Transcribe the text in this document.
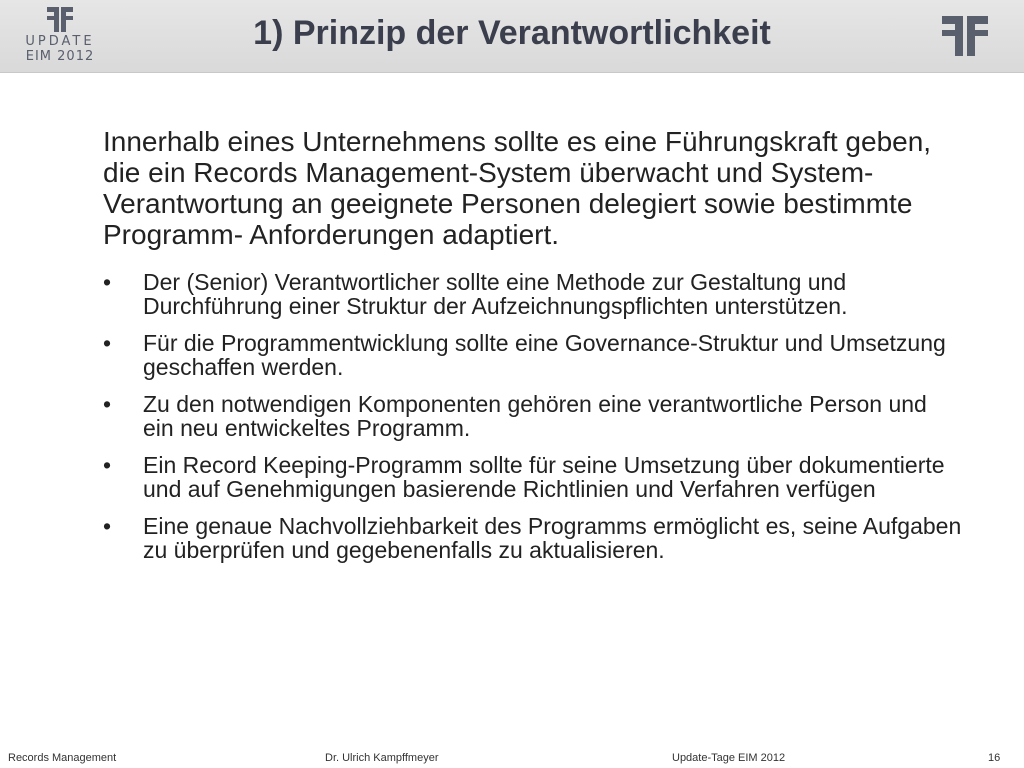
UPDATE
EIM 2012
1) Prinzip der Verantwortlichkeit

Innerhalb eines Unternehmens sollte es eine Führungskraft geben, die ein Records Management-System überwacht und System-Verantwortung an geeignete Personen delegiert sowie bestimmte Programm- Anforderungen adaptiert.

•	Der (Senior) Verantwortlicher sollte eine Methode zur Gestaltung und Durchführung einer Struktur der Aufzeichnungspflichten unterstützen.
•	Für die Programmentwicklung sollte eine Governance-Struktur und Umsetzung geschaffen werden.
•	Zu den notwendigen Komponenten gehören eine verantwortliche Person und ein neu entwickeltes Programm.
•	Ein Record Keeping-Programm sollte für seine Umsetzung über dokumentierte und auf Genehmigungen basierende Richtlinien und Verfahren verfügen
•	Eine genaue Nachvollziehbarkeit des Programms ermöglicht es, seine Aufgaben zu überprüfen und gegebenenfalls zu aktualisieren.
Records Management	Dr. Ulrich Kampffmeyer	Update-Tage EIM 2012	16
